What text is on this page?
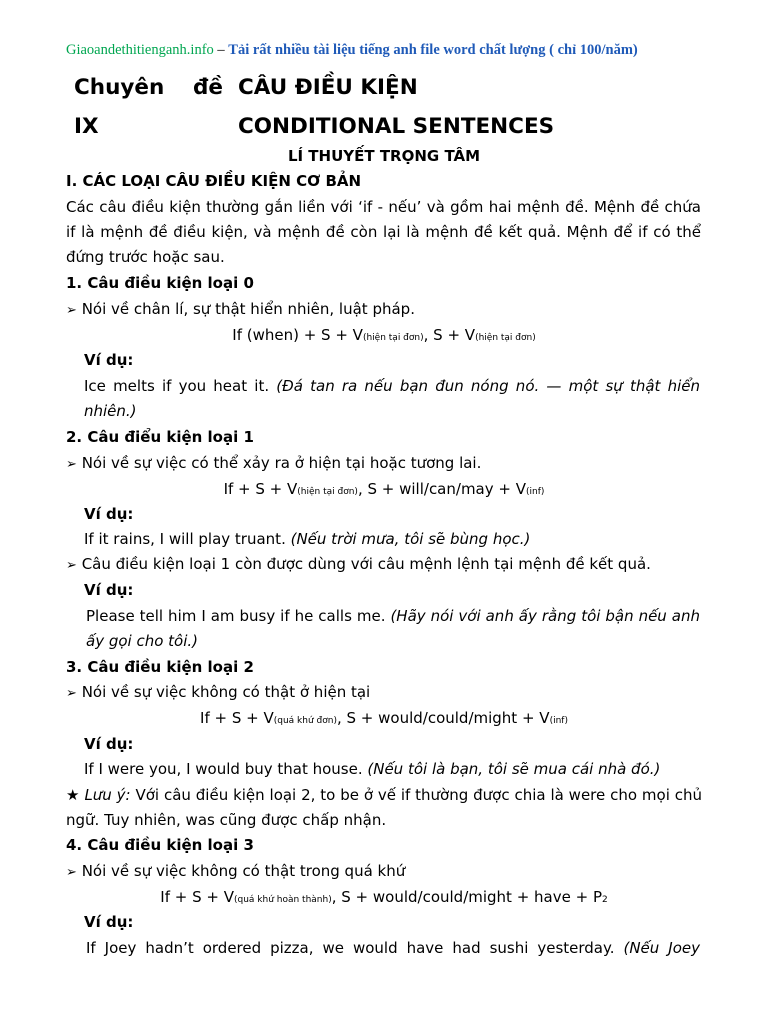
Giaoandethitienganh.info – Tải rất nhiều tài liệu tiếng anh file word chất lượng ( chỉ 100/năm)
Chuyên đề CÂU ĐIỀU KIỆN
IX	CONDITIONAL SENTENCES
LÍ THUYẾT TRỌNG TÂM
I. CÁC LOẠI CÂU ĐIỀU KIỆN CƠ BẢN
Các câu điều kiện thường gắn liền với ‘if - nếu’ và gồm hai mệnh đề. Mệnh đề chứa
if là mệnh đề điều kiện, và mệnh đề còn lại là mệnh đề kết quả. Mệnh để if có thể
đứng trước hoặc sau.
1. Câu điều kiện loại 0
➢ Nói về chân lí, sự thật hiển nhiên, luật pháp.
If (when) + S + V(hiện tại đơn), S + V(hiện tại đơn)
Ví dụ:
Ice melts if you heat it. (Đá tan ra nếu bạn đun nóng nó. — một sự thật hiển
nhiên.)
2. Câu điểu kiện loại 1
➢ Nói về sự việc có thể xảy ra ở hiện tại hoặc tương lai.
If + S + V(hiện tại đơn), S + will/can/may + V(inf)
Ví dụ:
If it rains, I will play truant. (Nếu trời mưa, tôi sẽ bùng học.)
➢ Câu điều kiện loại 1 còn được dùng với câu mệnh lệnh tại mệnh đề kết quả.
Ví dụ:
Please tell him I am busy if he calls me. (Hãy nói với anh ấy rằng tôi bận nếu anh
ấy gọi cho tôi.)
3. Câu điều kiện loại 2
➢ Nói về sự việc không có thật ở hiện tại
If + S + V(quá khứ đơn), S + would/could/might + V(inf)
Ví dụ:
If I were you, I would buy that house. (Nếu tôi là bạn, tôi sẽ mua cái nhà đó.)
★ Lưu ý: Với câu điều kiện loại 2, to be ở vế if thường được chia là were cho mọi chủ
ngữ. Tuy nhiên, was cũng được chấp nhận.
4. Câu điều kiện loại 3
➢ Nói về sự việc không có thật trong quá khứ
If + S + V(quá khứ hoàn thành), S + would/could/might + have + P2
Ví dụ:
If Joey hadn’t ordered pizza, we would have had sushi yesterday. (Nếu Joey
